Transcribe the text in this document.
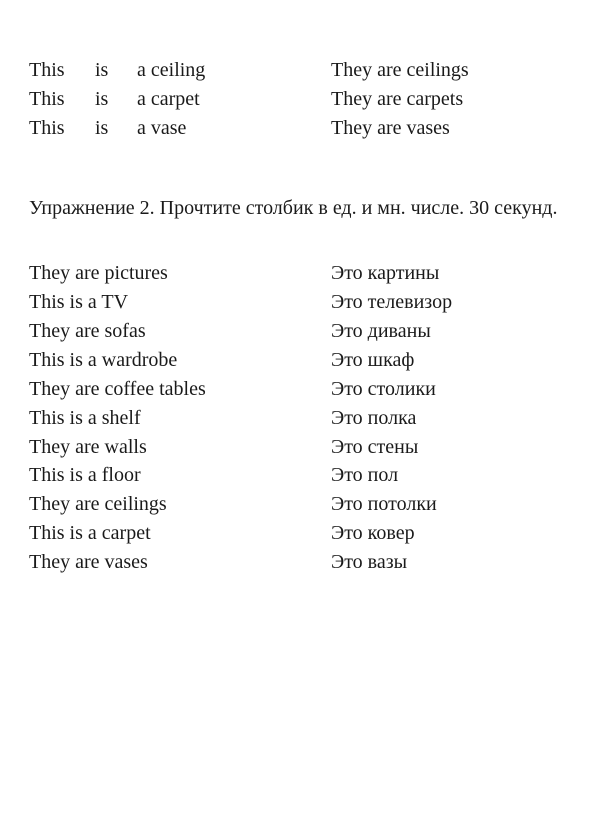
This is a ceiling	They are ceilings
This is a carpet	They are carpets
This is a vase	They are vases
Упражнение 2. Прочтите столбик в ед. и мн. числе. 30 секунд.
They are pictures	Это картины
This is a TV	Это телевизор
They are sofas	Это диваны
This is a wardrobe	Это шкаф
They are coffee tables	Это столики
This is a shelf	Это полка
They are walls	Это стены
This is a floor	Это пол
They are ceilings	Это потолки
This is a carpet	Это ковер
They are vases	Это вазы
